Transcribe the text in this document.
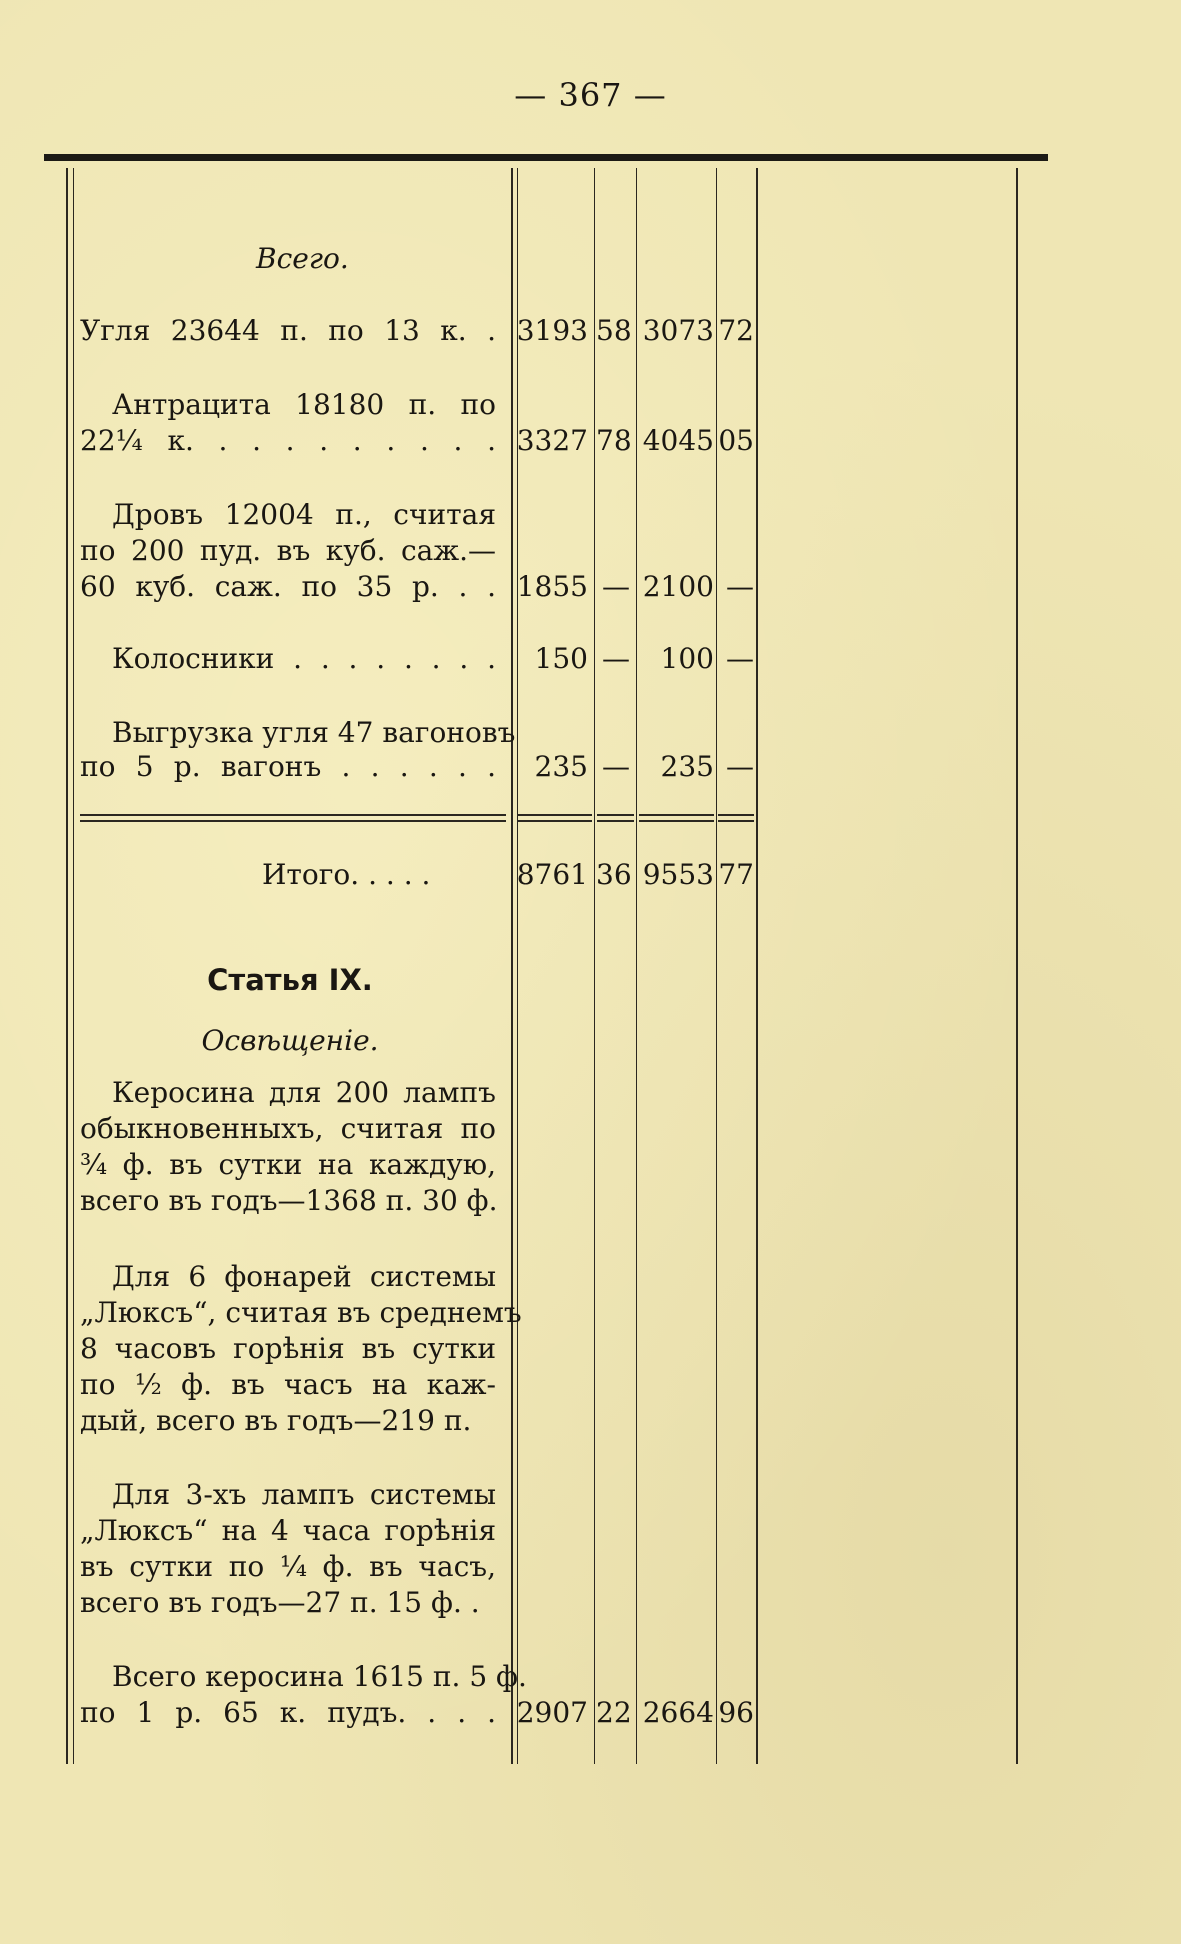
— 367 —
Всего.
Угля 23644 п. по 13 к. . 3193 58 3073 72
Антрацита 18180 п. по
22¼ к. . . . . . . . . . 3327 78 4045 05
Дровъ 12004 п., считая
по 200 пуд. въ куб. саж.—
60 куб. саж. по 35 р. . . 1855 — 2100 —
Колосники . . . . . . . .	150 —	100 —
Выгрузка угля 47 вагоновъ
по 5 р. вагонъ . . . . . .	235 —	235 —
Итого. . . . .	8761 36 9553 77
Статья IX.
Освѣщеніе.
Керосина для 200 лампъ
обыкновенныхъ, считая по
¾ ф. въ сутки на каждую,
всего въ годъ—1368 п. 30 ф.
Для 6 фонарей системы
„Люксъ“, считая въ среднемъ
8 часовъ горѣнія въ сутки
по ½ ф. въ часъ на каж-
дый, всего въ годъ—219 п.
Для 3-хъ лампъ системы
„Люксъ“ на 4 часа горѣнія
въ сутки по ¼ ф. въ часъ,
всего въ годъ—27 п. 15 ф. .
Всего керосина 1615 п. 5 ф.
по 1 р. 65 к. пудъ. . . . 2907 22 2664 96
